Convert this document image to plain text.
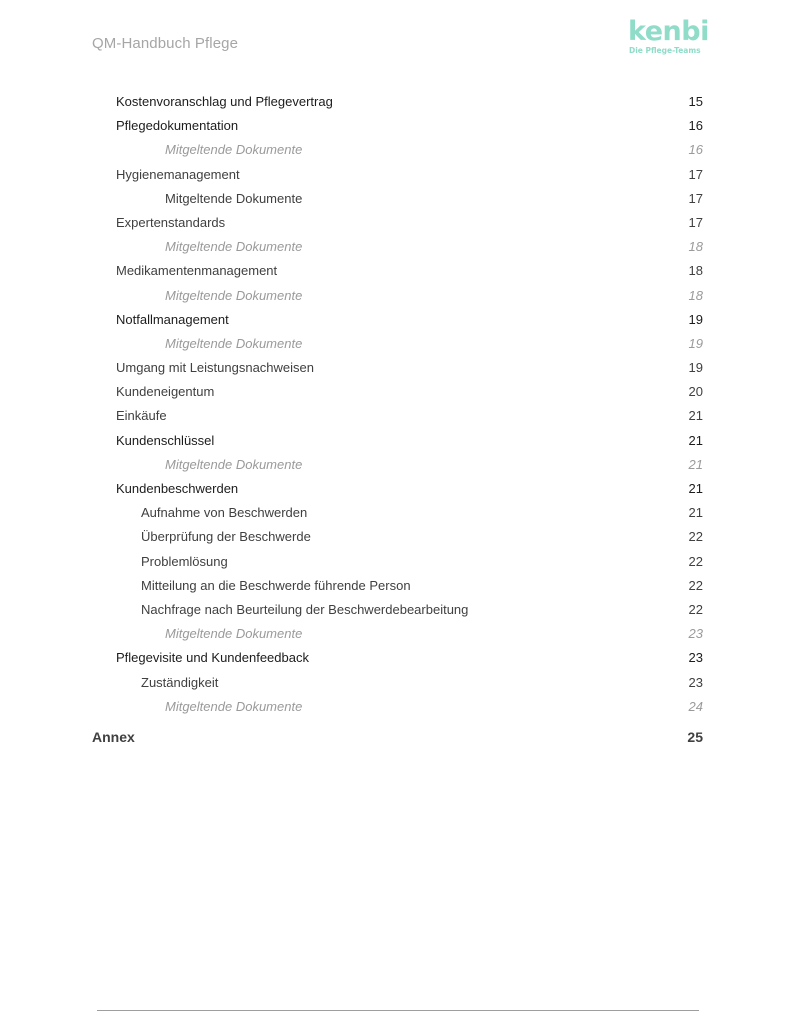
QM-Handbuch Pflege	kenbi
Die Pflege-Teams
Kostenvoranschlag und Pflegevertrag	15
Pflegedokumentation	16
Mitgeltende Dokumente	16
Hygienemanagement	17
Mitgeltende Dokumente	17
Expertenstandards	17
Mitgeltende Dokumente	18
Medikamentenmanagement	18
Mitgeltende Dokumente	18
Notfallmanagement	19
Mitgeltende Dokumente	19
Umgang mit Leistungsnachweisen	19
Kundeneigentum	20
Einkäufe	21
Kundenschlüssel	21
Mitgeltende Dokumente	21
Kundenbeschwerden	21
Aufnahme von Beschwerden	21
Überprüfung der Beschwerde	22
Problemlösung	22
Mitteilung an die Beschwerde führende Person	22
Nachfrage nach Beurteilung der Beschwerdebearbeitung	22
Mitgeltende Dokumente	23
Pflegevisite und Kundenfeedback	23
Zuständigkeit	23
Mitgeltende Dokumente	24
Annex	25
